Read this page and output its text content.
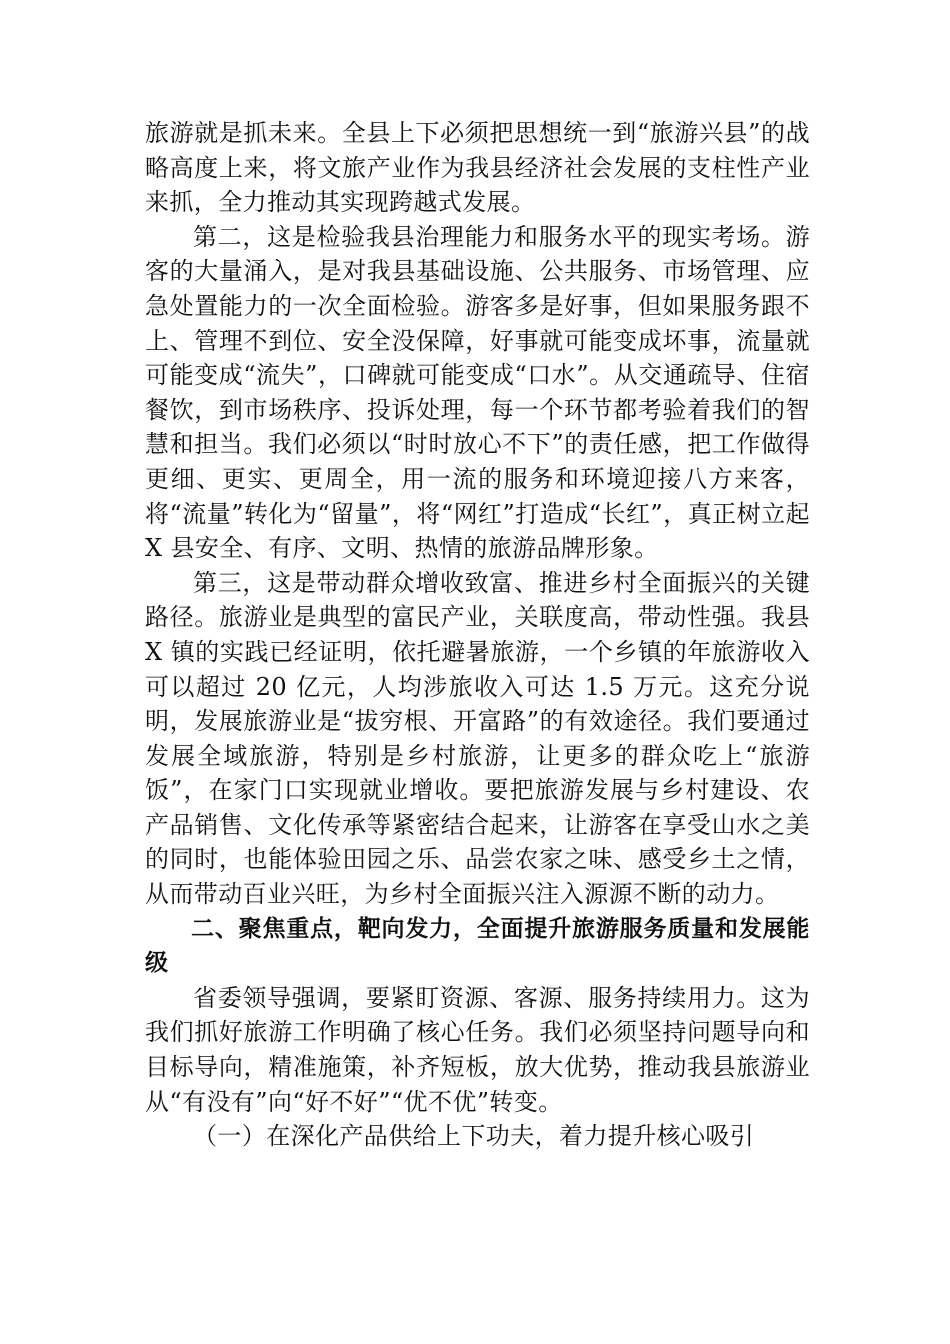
旅游就是抓未来。全县上下必须把思想统一到“旅游兴县”的战略高度上来，将文旅产业作为我县经济社会发展的支柱性产业来抓，全力推动其实现跨越式发展。

第二，这是检验我县治理能力和服务水平的现实考场。游客的大量涌入，是对我县基础设施、公共服务、市场管理、应急处置能力的一次全面检验。游客多是好事，但如果服务跟不上、管理不到位、安全没保障，好事就可能变成坏事，流量就可能变成“流失”，口碑就可能变成“口水”。从交通疏导、住宿餐饮，到市场秩序、投诉处理，每一个环节都考验着我们的智慧和担当。我们必须以“时时放心不下”的责任感，把工作做得更细、更实、更周全，用一流的服务和环境迎接八方来客，将“流量”转化为“留量”，将“网红”打造成“长红”，真正树立起 X 县安全、有序、文明、热情的旅游品牌形象。

第三，这是带动群众增收致富、推进乡村全面振兴的关键路径。旅游业是典型的富民产业，关联度高，带动性强。我县 X 镇的实践已经证明，依托避暑旅游，一个乡镇的年旅游收入可以超过 20 亿元，人均涉旅收入可达 1.5 万元。这充分说明，发展旅游业是“拔穷根、开富路”的有效途径。我们要通过发展全域旅游，特别是乡村旅游，让更多的群众吃上“旅游饭”，在家门口实现就业增收。要把旅游发展与乡村建设、农产品销售、文化传承等紧密结合起来，让游客在享受山水之美的同时，也能体验田园之乐、品尝农家之味、感受乡土之情，从而带动百业兴旺，为乡村全面振兴注入源源不断的动力。

二、聚焦重点，靶向发力，全面提升旅游服务质量和发展能级

省委领导强调，要紧盯资源、客源、服务持续用力。这为我们抓好旅游工作明确了核心任务。我们必须坚持问题导向和目标导向，精准施策，补齐短板，放大优势，推动我县旅游业从“有没有”向“好不好”“优不优”转变。

（一）在深化产品供给上下功夫，着力提升核心吸引
